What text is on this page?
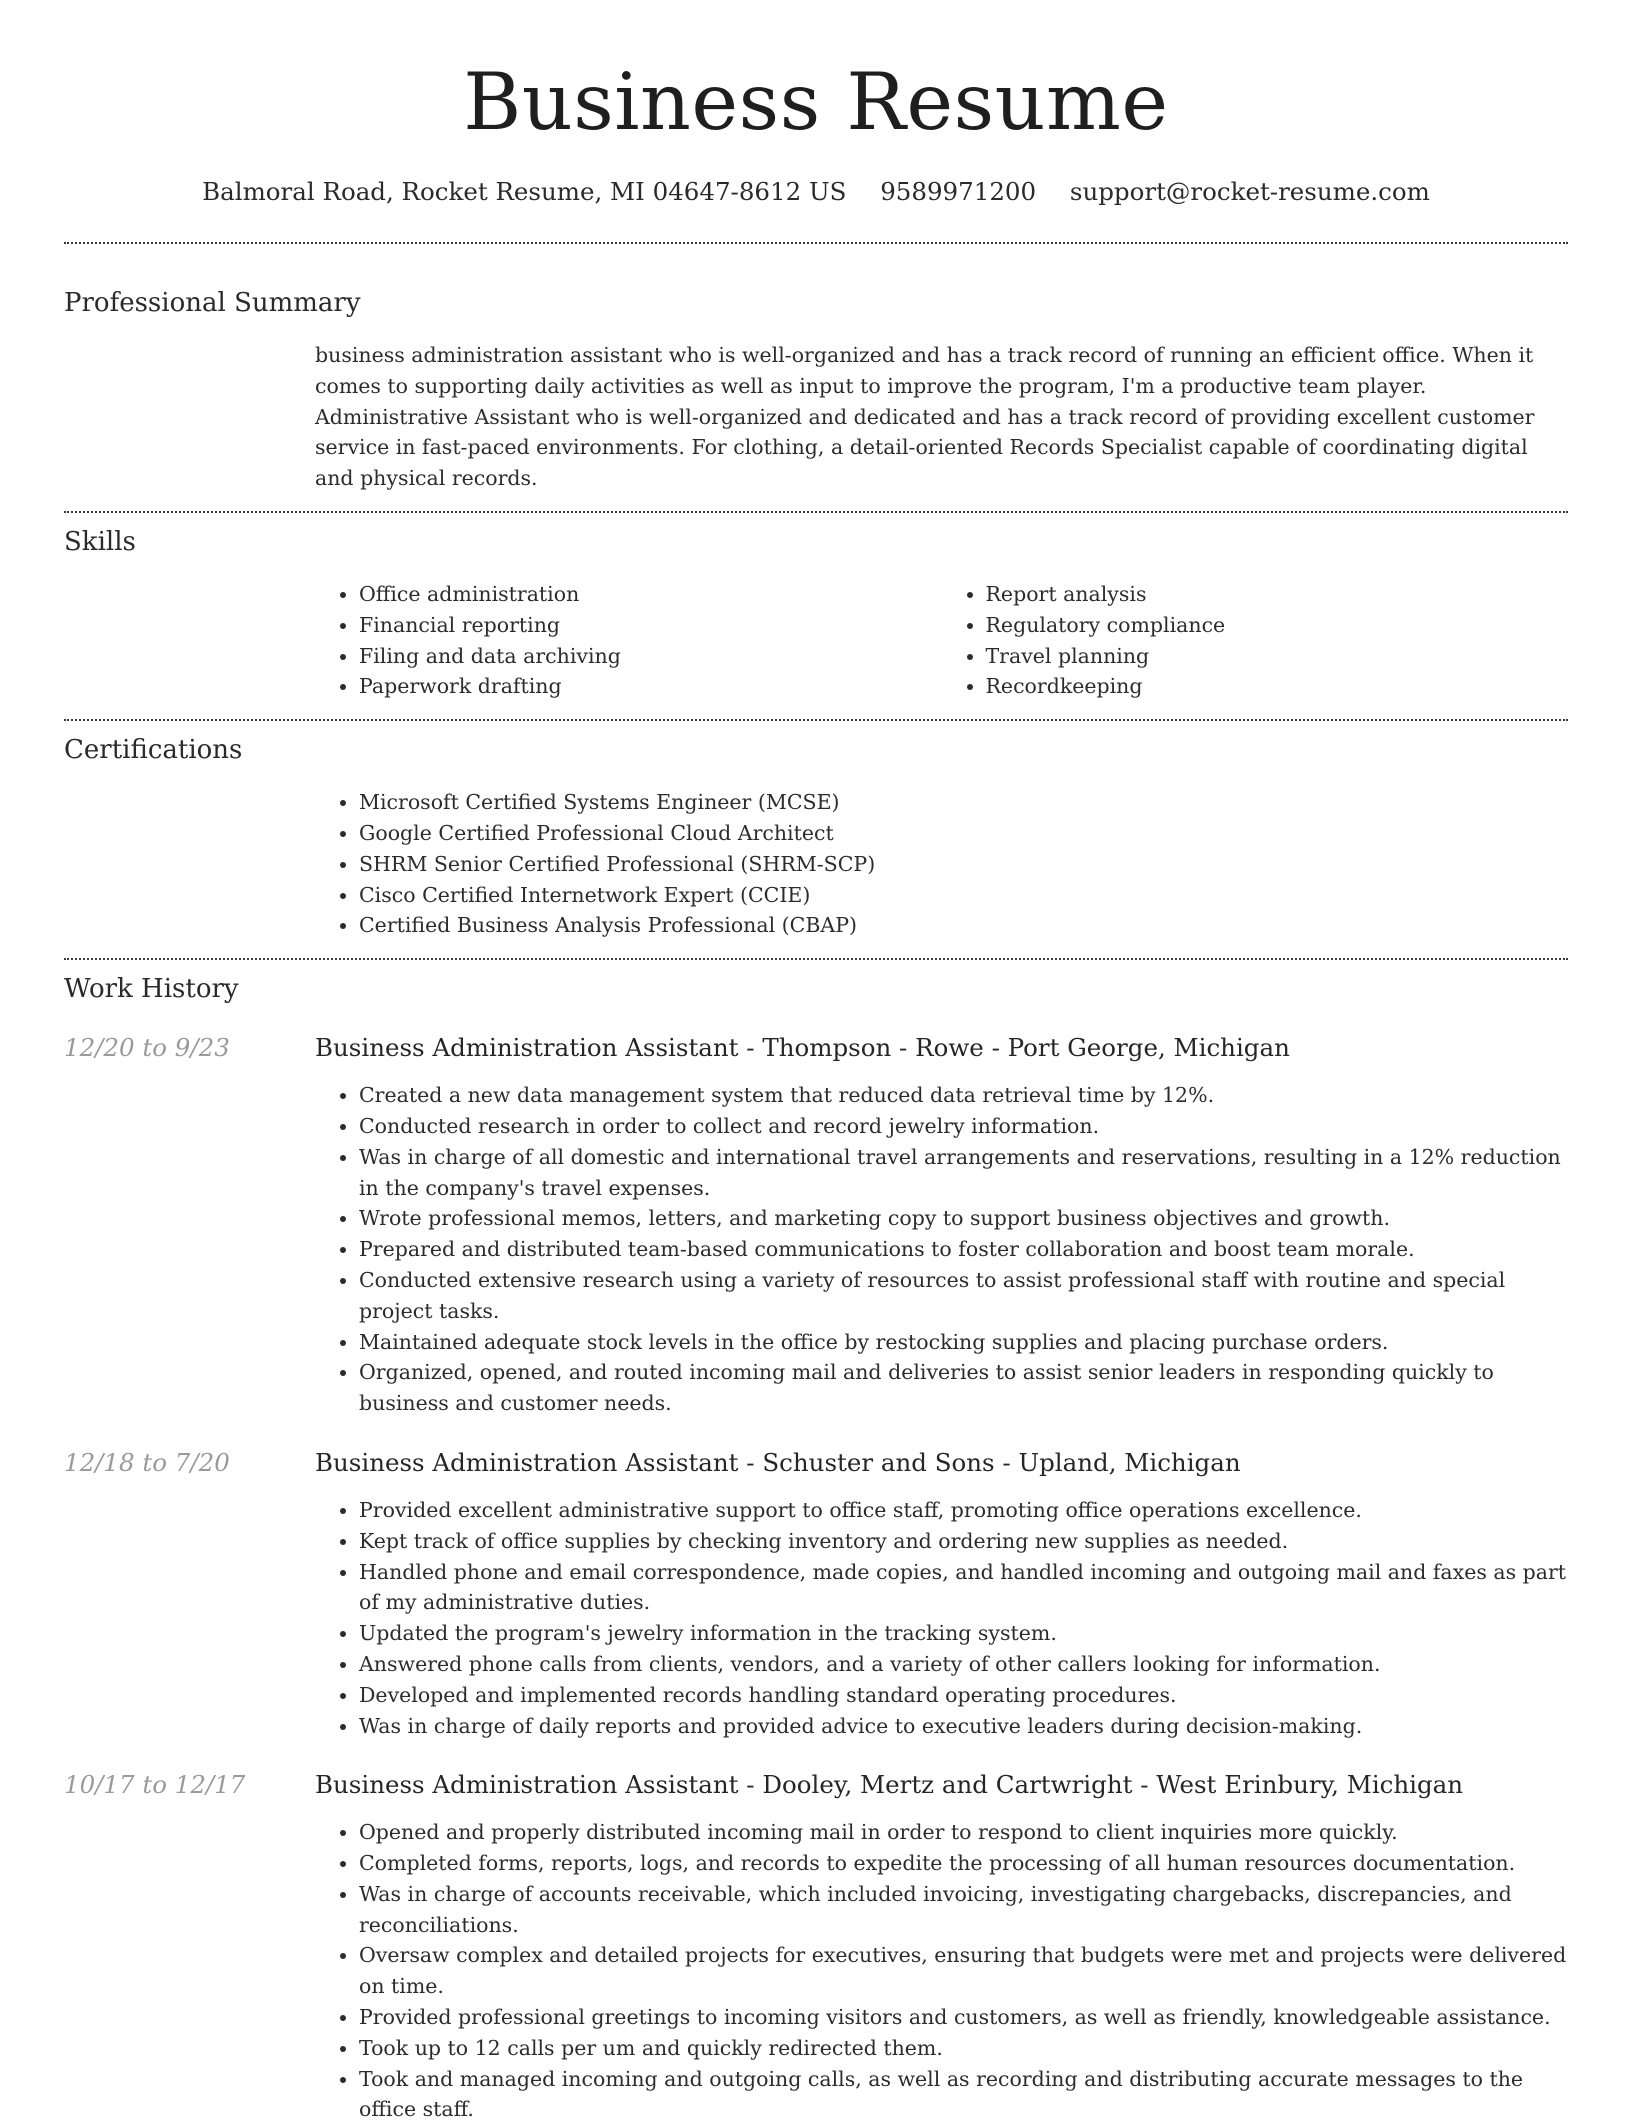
Business Resume
Balmoral Road, Rocket Resume, MI 04647-8612 US 9589971200 support@rocket-resume.com
Professional Summary
business administration assistant who is well-organized and has a track record of running an efficient office. When it comes to supporting daily activities as well as input to improve the program, I'm a productive team player. Administrative Assistant who is well-organized and dedicated and has a track record of providing excellent customer service in fast-paced environments. For clothing, a detail-oriented Records Specialist capable of coordinating digital and physical records.
Skills
• Office administration
• Financial reporting
• Filing and data archiving
• Paperwork drafting
• Report analysis
• Regulatory compliance
• Travel planning
• Recordkeeping
Certifications
• Microsoft Certified Systems Engineer (MCSE)
• Google Certified Professional Cloud Architect
• SHRM Senior Certified Professional (SHRM-SCP)
• Cisco Certified Internetwork Expert (CCIE)
• Certified Business Analysis Professional (CBAP)
Work History
12/20 to 9/23	Business Administration Assistant - Thompson - Rowe - Port George, Michigan
• Created a new data management system that reduced data retrieval time by 12%.
• Conducted research in order to collect and record jewelry information.
• Was in charge of all domestic and international travel arrangements and reservations, resulting in a 12% reduction in the company's travel expenses.
• Wrote professional memos, letters, and marketing copy to support business objectives and growth.
• Prepared and distributed team-based communications to foster collaboration and boost team morale.
• Conducted extensive research using a variety of resources to assist professional staff with routine and special project tasks.
• Maintained adequate stock levels in the office by restocking supplies and placing purchase orders.
• Organized, opened, and routed incoming mail and deliveries to assist senior leaders in responding quickly to business and customer needs.
12/18 to 7/20	Business Administration Assistant - Schuster and Sons - Upland, Michigan
• Provided excellent administrative support to office staff, promoting office operations excellence.
• Kept track of office supplies by checking inventory and ordering new supplies as needed.
• Handled phone and email correspondence, made copies, and handled incoming and outgoing mail and faxes as part of my administrative duties.
• Updated the program's jewelry information in the tracking system.
• Answered phone calls from clients, vendors, and a variety of other callers looking for information.
• Developed and implemented records handling standard operating procedures.
• Was in charge of daily reports and provided advice to executive leaders during decision-making.
10/17 to 12/17	Business Administration Assistant - Dooley, Mertz and Cartwright - West Erinbury, Michigan
• Opened and properly distributed incoming mail in order to respond to client inquiries more quickly.
• Completed forms, reports, logs, and records to expedite the processing of all human resources documentation.
• Was in charge of accounts receivable, which included invoicing, investigating chargebacks, discrepancies, and reconciliations.
• Oversaw complex and detailed projects for executives, ensuring that budgets were met and projects were delivered on time.
• Provided professional greetings to incoming visitors and customers, as well as friendly, knowledgeable assistance.
• Took up to 12 calls per um and quickly redirected them.
• Took and managed incoming and outgoing calls, as well as recording and distributing accurate messages to the office staff.
